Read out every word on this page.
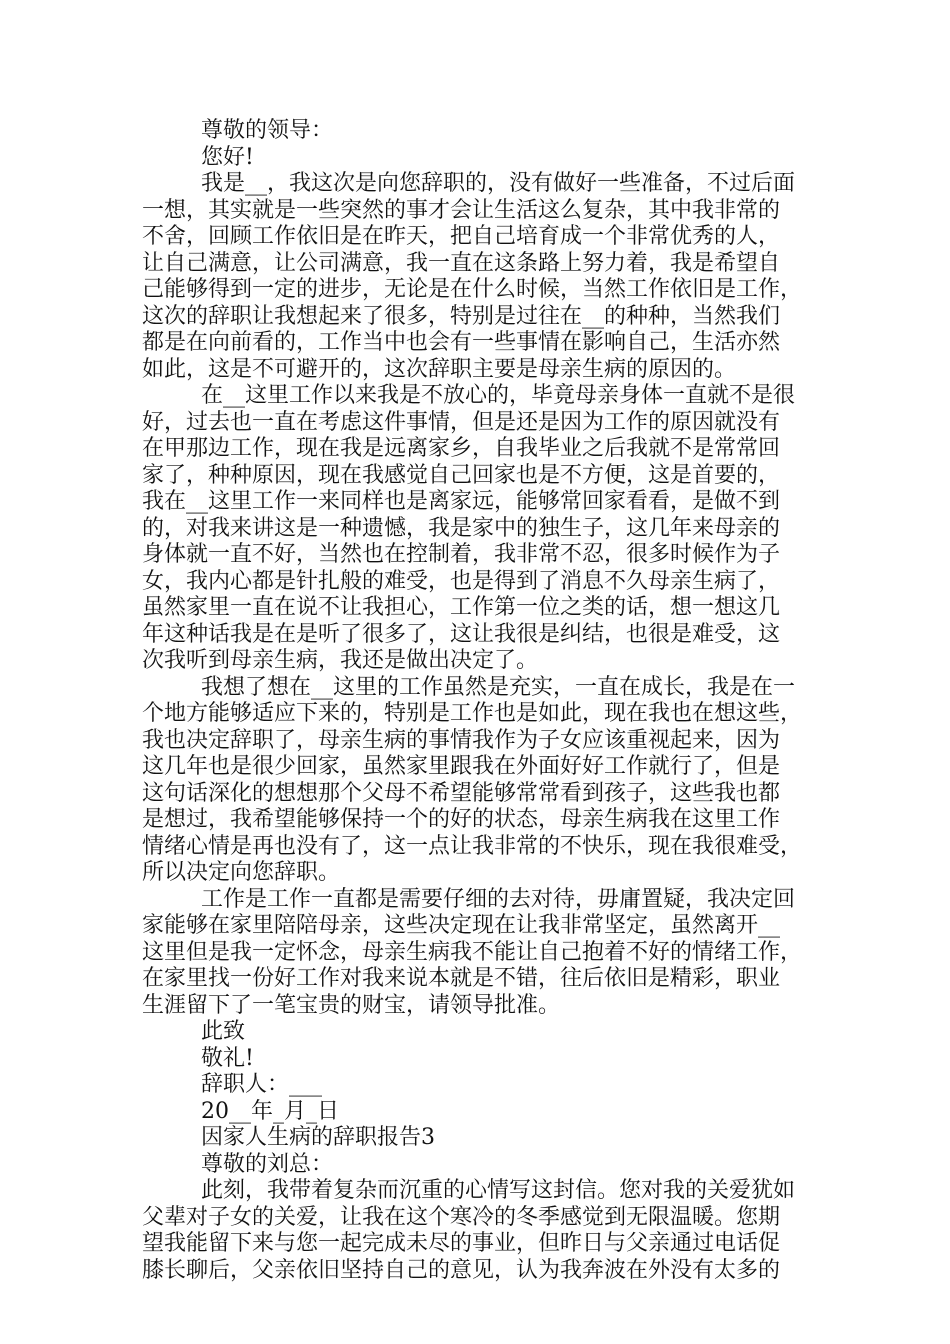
尊敬的领导：
您好!
我是__，我这次是向您辞职的，没有做好一些准备，不过后面
一想，其实就是一些突然的事才会让生活这么复杂，其中我非常的
不舍，回顾工作依旧是在昨天，把自己培育成一个非常优秀的人，
让自己满意，让公司满意，我一直在这条路上努力着，我是希望自
己能够得到一定的进步，无论是在什么时候，当然工作依旧是工作，
这次的辞职让我想起来了很多，特别是过往在__的种种，当然我们
都是在向前看的，工作当中也会有一些事情在影响自己，生活亦然
如此，这是不可避开的，这次辞职主要是母亲生病的原因的。
在__这里工作以来我是不放心的，毕竟母亲身体一直就不是很
好，过去也一直在考虑这件事情，但是还是因为工作的原因就没有
在甲那边工作，现在我是远离家乡，自我毕业之后我就不是常常回
家了，种种原因，现在我感觉自己回家也是不方便，这是首要的，
我在__这里工作一来同样也是离家远，能够常回家看看，是做不到
的，对我来讲这是一种遗憾，我是家中的独生子，这几年来母亲的
身体就一直不好，当然也在控制着，我非常不忍，很多时候作为子
女，我内心都是针扎般的难受，也是得到了消息不久母亲生病了，
虽然家里一直在说不让我担心，工作第一位之类的话，想一想这几
年这种话我是在是听了很多了，这让我很是纠结，也很是难受，这
次我听到母亲生病，我还是做出决定了。
我想了想在__这里的工作虽然是充实，一直在成长，我是在一
个地方能够适应下来的，特别是工作也是如此，现在我也在想这些，
我也决定辞职了，母亲生病的事情我作为子女应该重视起来，因为
这几年也是很少回家，虽然家里跟我在外面好好工作就行了，但是
这句话深化的想想那个父母不希望能够常常看到孩子，这些我也都
是想过，我希望能够保持一个的好的状态，母亲生病我在这里工作
情绪心情是再也没有了，这一点让我非常的不快乐，现在我很难受，
所以决定向您辞职。
工作是工作一直都是需要仔细的去对待，毋庸置疑，我决定回
家能够在家里陪陪母亲，这些决定现在让我非常坚定，虽然离开__
这里但是我一定怀念，母亲生病我不能让自己抱着不好的情绪工作，
在家里找一份好工作对我来说本就是不错，往后依旧是精彩，职业
生涯留下了一笔宝贵的财宝，请领导批准。
此致
敬礼!
辞职人：___
20__年_月_日
因家人生病的辞职报告3
尊敬的刘总：
此刻，我带着复杂而沉重的心情写这封信。您对我的关爱犹如
父辈对子女的关爱，让我在这个寒冷的冬季感觉到无限温暖。您期
望我能留下来与您一起完成未尽的事业，但昨日与父亲通过电话促
膝长聊后，父亲依旧坚持自己的意见，认为我奔波在外没有太多的
